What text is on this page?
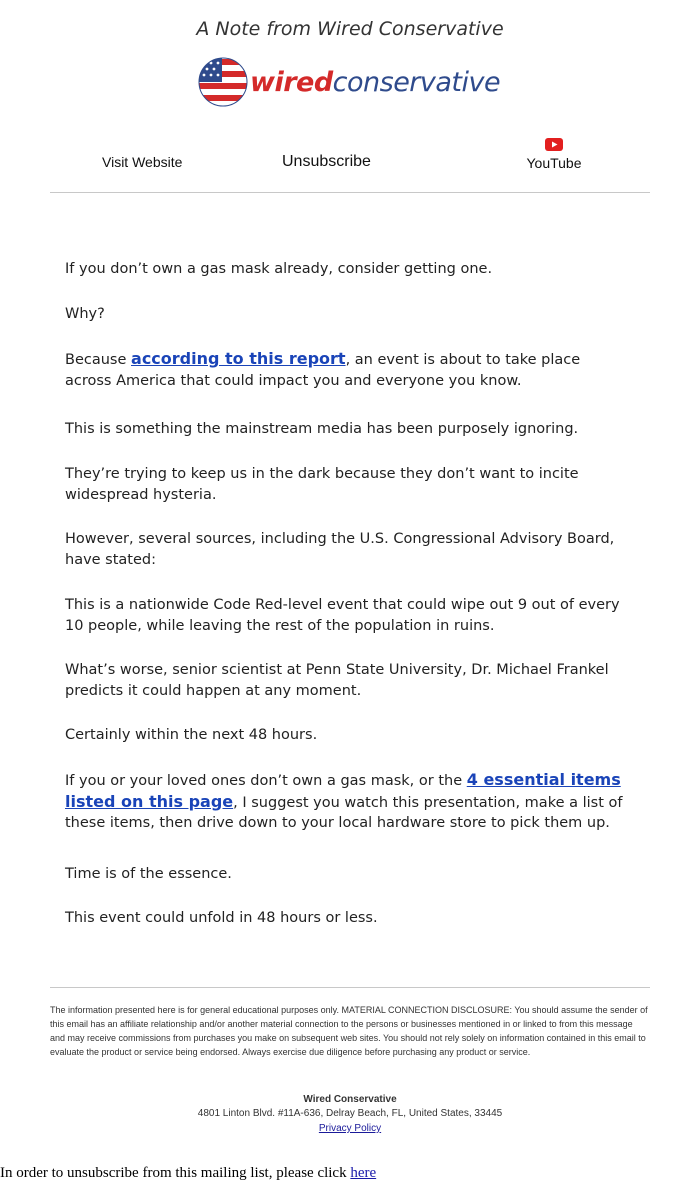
A Note from Wired Conservative
wiredconservative
Visit Website	Unsubscribe	YouTube

If you don’t own a gas mask already, consider getting one.

Why?

Because according to this report, an event is about to take place across America that could impact you and everyone you know.

This is something the mainstream media has been purposely ignoring.

They’re trying to keep us in the dark because they don’t want to incite widespread hysteria.

However, several sources, including the U.S. Congressional Advisory Board, have stated:

This is a nationwide Code Red-level event that could wipe out 9 out of every 10 people, while leaving the rest of the population in ruins.

What’s worse, senior scientist at Penn State University, Dr. Michael Frankel predicts it could happen at any moment.

Certainly within the next 48 hours.

If you or your loved ones don’t own a gas mask, or the 4 essential items listed on this page, I suggest you watch this presentation, make a list of these items, then drive down to your local hardware store to pick them up.

Time is of the essence.

This event could unfold in 48 hours or less.

The information presented here is for general educational purposes only. MATERIAL CONNECTION DISCLOSURE: You should assume the sender of this email has an affiliate relationship and/or another material connection to the persons or businesses mentioned in or linked to from this message and may receive commissions from purchases you make on subsequent web sites. You should not rely solely on information contained in this email to evaluate the product or service being endorsed. Always exercise due diligence before purchasing any product or service.
Wired Conservative
4801 Linton Blvd. #11A-636, Delray Beach, FL, United States, 33445
Privacy Policy
In order to unsubscribe from this mailing list, please click here
